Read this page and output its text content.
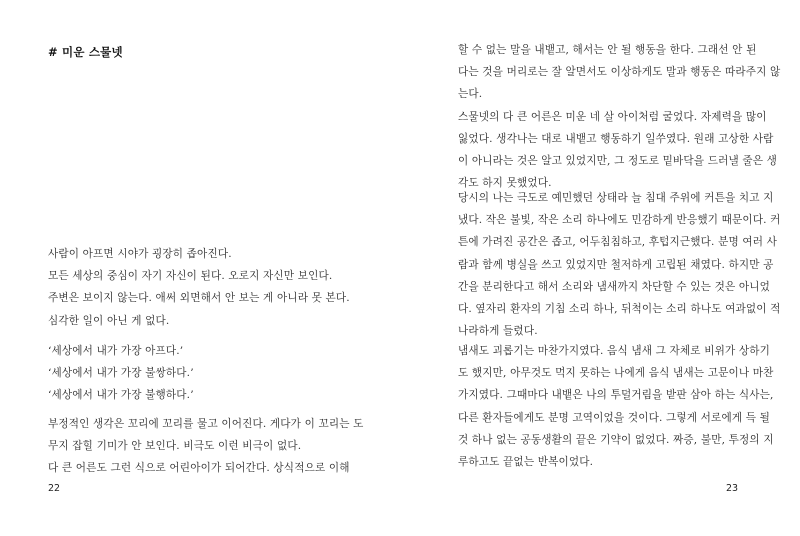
# 미운 스물넷

사람이 아프면 시야가 굉장히 좁아진다.
모든 세상의 중심이 자기 자신이 된다. 오로지 자신만 보인다.
주변은 보이지 않는다. 애써 외면해서 안 보는 게 아니라 못 본다.
심각한 일이 아닌 게 없다.

‘세상에서 내가 가장 아프다.’
‘세상에서 내가 가장 불쌍하다.’
‘세상에서 내가 가장 불행하다.’

부정적인 생각은 꼬리에 꼬리를 물고 이어진다. 게다가 이 꼬리는 도
무지 잡힐 기미가 안 보인다. 비극도 이런 비극이 없다.
다 큰 어른도 그런 식으로 어린아이가 되어간다. 상식적으로 이해

22

할 수 없는 말을 내뱉고, 해서는 안 될 행동을 한다. 그래선 안 된
다는 것을 머리로는 잘 알면서도 이상하게도 말과 행동은 따라주지 않
는다.
스물넷의 다 큰 어른은 미운 네 살 아이처럼 굴었다. 자제력을 많이
잃었다. 생각나는 대로 내뱉고 행동하기 일쑤였다. 원래 고상한 사람
이 아니라는 것은 알고 있었지만, 그 정도로 밑바닥을 드러낼 줄은 생
각도 하지 못했었다.

당시의 나는 극도로 예민했던 상태라 늘 침대 주위에 커튼을 치고 지
냈다. 작은 불빛, 작은 소리 하나에도 민감하게 반응했기 때문이다. 커
튼에 가려진 공간은 좁고, 어두침침하고, 후텁지근했다. 분명 여러 사
람과 함께 병실을 쓰고 있었지만 철저하게 고립된 채였다. 하지만 공
간을 분리한다고 해서 소리와 냄새까지 차단할 수 있는 것은 아니었
다. 옆자리 환자의 기침 소리 하나, 뒤척이는 소리 하나도 여과없이 적
나라하게 들렸다.

냄새도 괴롭기는 마찬가지였다. 음식 냄새 그 자체로 비위가 상하기
도 했지만, 아무것도 먹지 못하는 나에게 음식 냄새는 고문이나 마찬
가지였다. 그때마다 내뱉은 나의 투덜거림을 받판 삼아 하는 식사는,
다른 환자들에게도 분명 고역이었을 것이다. 그렇게 서로에게 득 될
것 하나 없는 공동생활의 끝은 기약이 없었다. 짜증, 불만, 투정의 지
루하고도 끝없는 반복이었다.

23
